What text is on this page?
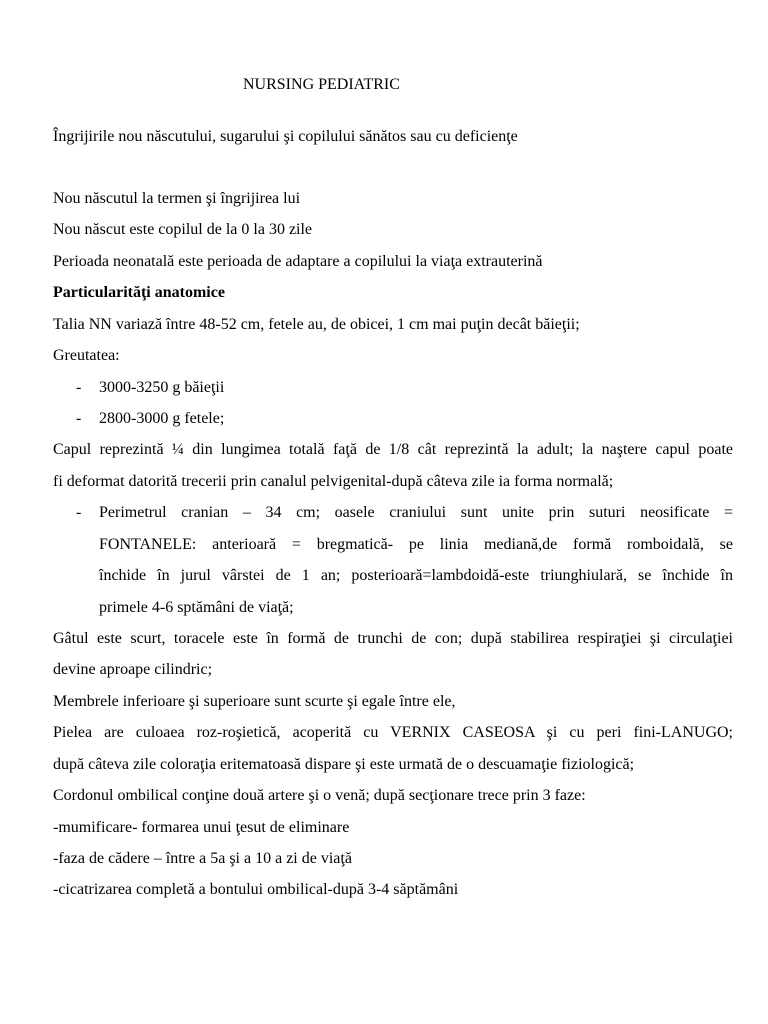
NURSING PEDIATRIC
Îngrijirile nou născutului, sugarului şi copilului sănătos sau cu deficienţe
Nou născutul la termen şi îngrijirea lui
Nou născut este copilul de la 0 la 30 zile
Perioada neonatală este perioada de adaptare a copilului la viaţa extrauterină
Particularităţi anatomice
Talia NN variază între 48-52 cm, fetele au, de obicei, 1 cm mai puţin decât băieţii;
Greutatea:
- 3000-3250 g băieţii
- 2800-3000 g fetele;
Capul reprezintă ¼ din lungimea totală faţă de 1/8 cât reprezintă la adult; la naştere capul poate
fi deformat datorită trecerii prin canalul pelvigenital-după câteva zile ia forma normală;
- Perimetrul cranian – 34 cm; oasele craniului sunt unite prin suturi neosificate =
FONTANELE: anterioară = bregmatică- pe linia mediană,de formă romboidală, se
închide în jurul vârstei de 1 an; posterioară=lambdoidă-este triunghiulară, se închide în
primele 4-6 sptămâni de viaţă;
Gâtul este scurt, toracele este în formă de trunchi de con; după stabilirea respiraţiei şi circulaţiei
devine aproape cilindric;
Membrele inferioare şi superioare sunt scurte şi egale între ele,
Pielea are culoaea roz-roşietică, acoperită cu VERNIX CASEOSA şi cu peri fini-LANUGO;
după câteva zile coloraţia eritematoasă dispare şi este urmată de o descuamaţie fiziologică;
Cordonul ombilical conţine două artere şi o venă; după secţionare trece prin 3 faze:
-mumificare- formarea unui ţesut de eliminare
-faza de cădere – între a 5a şi a 10 a zi de viaţă
-cicatrizarea completă a bontului ombilical-după 3-4 săptămâni
